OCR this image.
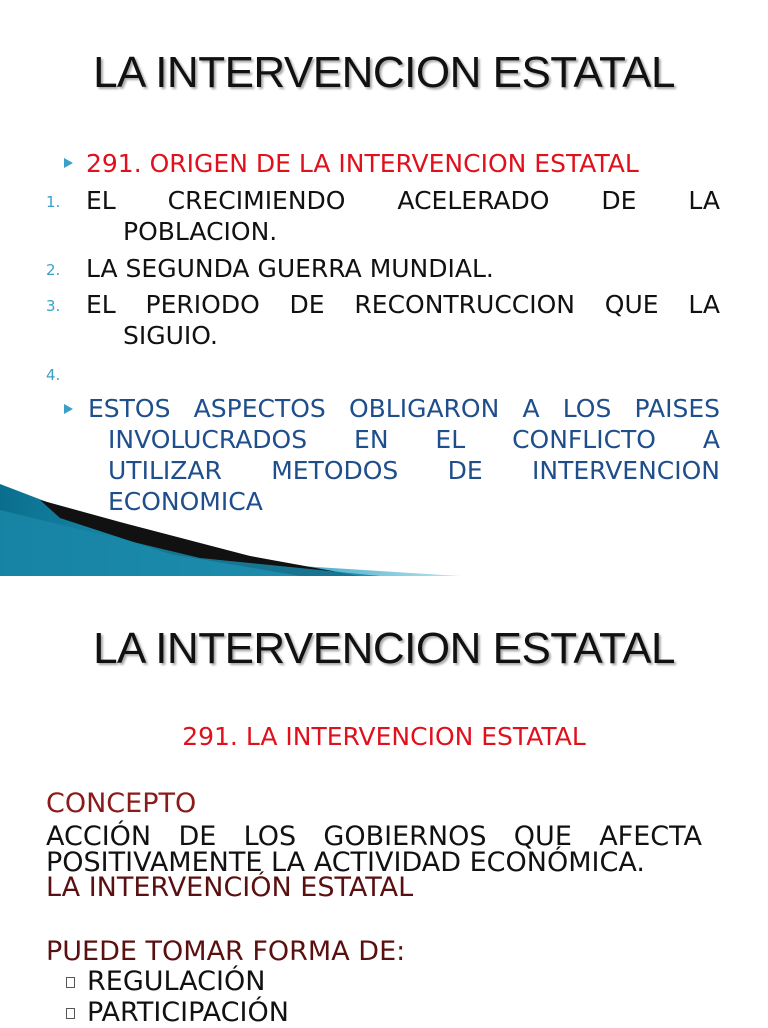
LA INTERVENCION ESTATAL
291. ORIGEN DE LA INTERVENCION ESTATAL
1. EL CRECIMIENDO ACELERADO DE LA
POBLACION.
2. LA SEGUNDA GUERRA MUNDIAL.
3. EL PERIODO DE RECONTRUCCION QUE LA
SIGUIO.
4.
ESTOS ASPECTOS OBLIGARON A LOS PAISES
INVOLUCRADOS EN EL CONFLICTO A
UTILIZAR METODOS DE INTERVENCION
ECONOMICA
LA INTERVENCION ESTATAL
291. LA INTERVENCION ESTATAL
CONCEPTO
ACCIÓN DE LOS GOBIERNOS QUE AFECTA
POSITIVAMENTE LA ACTIVIDAD ECONÓMICA.
LA INTERVENCIÓN ESTATAL
PUEDE TOMAR FORMA DE:
REGULACIÓN
PARTICIPACIÓN
